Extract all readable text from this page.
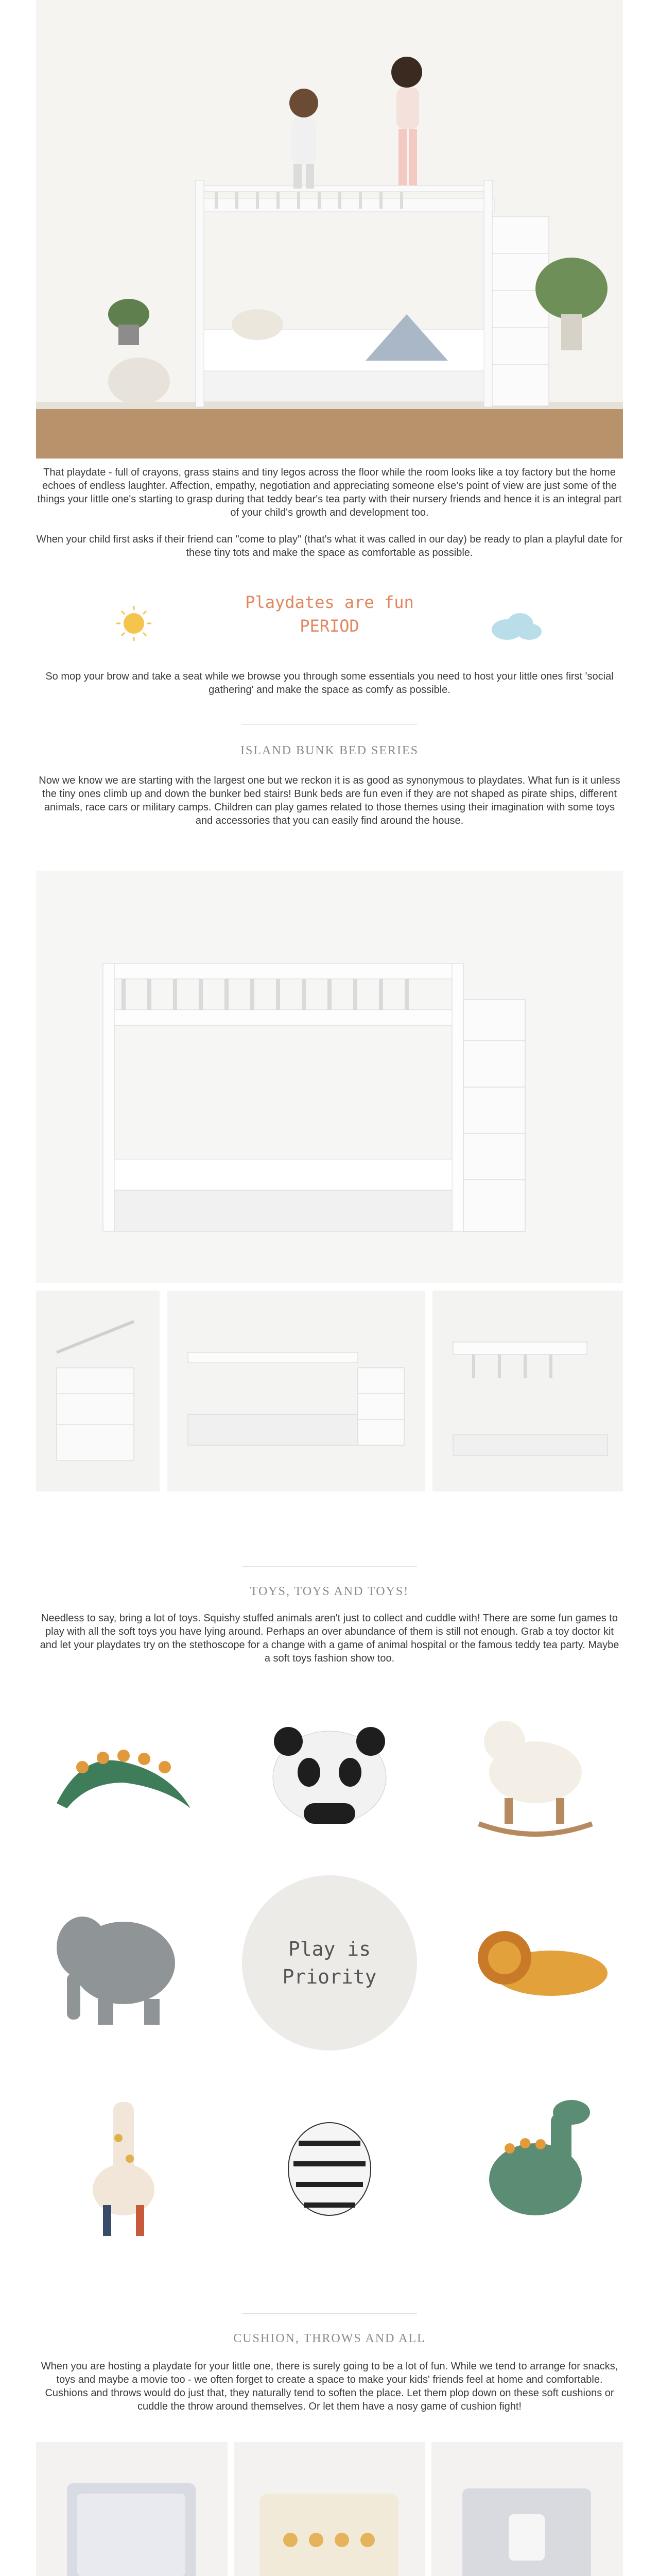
That playdate - full of crayons, grass stains and tiny legos across the floor while the room looks like a toy factory but the home echoes of endless laughter. Affection, empathy, negotiation and appreciating someone else's point of view are just some of the things your little one's starting to grasp during that teddy bear's tea party with their nursery friends and hence it is an integral part of your child's growth and development too.
When your child first asks if their friend can "come to play" (that's what it was called in our day) be ready to plan a playful date for these tiny tots and make the space as comfortable as possible.
Playdates are fun
PERIOD
So mop your brow and take a seat while we browse you through some essentials you need to host your little ones first 'social gathering' and make the space as comfy as possible.
ISLAND BUNK BED SERIES
Now we know we are starting with the largest one but we reckon it is as good as synonymous to playdates. What fun is it unless the tiny ones climb up and down the bunker bed stairs! Bunk beds are fun even if they are not shaped as pirate ships, different animals, race cars or military camps. Children can play games related to those themes using their imagination with some toys and accessories that you can easily find around the house.
TOYS, TOYS AND TOYS!
Needless to say, bring a lot of toys. Squishy stuffed animals aren't just to collect and cuddle with! There are some fun games to play with all the soft toys you have lying around. Perhaps an over abundance of them is still not enough. Grab a toy doctor kit and let your playdates try on the stethoscope for a change with a game of animal hospital or the famous teddy tea party. Maybe a soft toys fashion show too.
Play is
Priority
CUSHION, THROWS AND ALL
When you are hosting a playdate for your little one, there is surely going to be a lot of fun. While we tend to arrange for snacks, toys and maybe a movie too - we often forget to create a space to make your kids' friends feel at home and comfortable. Cushions and throws would do just that, they naturally tend to soften the place. Let them plop down on these soft cushions or cuddle the throw around themselves. Or let them have a nosy game of cushion fight!
